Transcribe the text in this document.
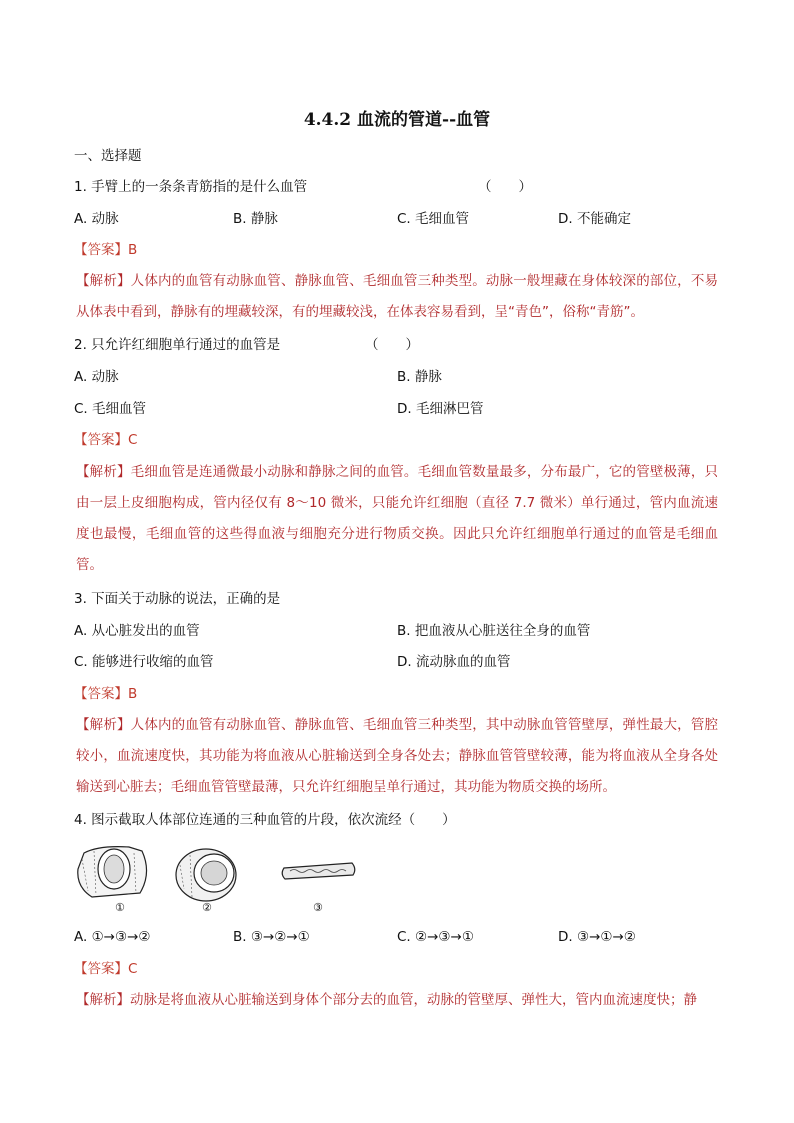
4.4.2 血流的管道--血管
一、选择题
1. 手臂上的一条条青筋指的是什么血管	（　　）
A. 动脉	B. 静脉	C. 毛细血管	D. 不能确定
【答案】B
【解析】人体内的血管有动脉血管、静脉血管、毛细血管三种类型。动脉一般埋藏在身体较深的部位，不易从体表中看到，静脉有的埋藏较深，有的埋藏较浅，在体表容易看到，呈“青色”，俗称“青筋”。
2. 只允许红细胞单行通过的血管是	（　　）
A. 动脉	B. 静脉
C. 毛细血管	D. 毛细淋巴管
【答案】C
【解析】毛细血管是连通微最小动脉和静脉之间的血管。毛细血管数量最多，分布最广，它的管壁极薄，只由一层上皮细胞构成，管内径仅有 8～10 微米，只能允许红细胞（直径 7.7 微米）单行通过，管内血流速度也最慢，毛细血管的这些得血液与细胞充分进行物质交换。因此只允许红细胞单行通过的血管是毛细血管。
3. 下面关于动脉的说法，正确的是
A. 从心脏发出的血管	B. 把血液从心脏送往全身的血管
C. 能够进行收缩的血管	D. 流动脉血的血管
【答案】B
【解析】人体内的血管有动脉血管、静脉血管、毛细血管三种类型，其中动脉血管管壁厚，弹性最大，管腔较小，血流速度快，其功能为将血液从心脏输送到全身各处去；静脉血管管壁较薄，能为将血液从全身各处输送到心脏去；毛细血管管壁最薄，只允许红细胞呈单行通过，其功能为物质交换的场所。
4. 图示截取人体部位连通的三种血管的片段，依次流经（　　）
①	②	③
A. ①→③→②	B. ③→②→①	C. ②→③→①	D. ③→①→②
【答案】C
【解析】动脉是将血液从心脏输送到身体个部分去的血管，动脉的管壁厚、弹性大，管内血流速度快；静
